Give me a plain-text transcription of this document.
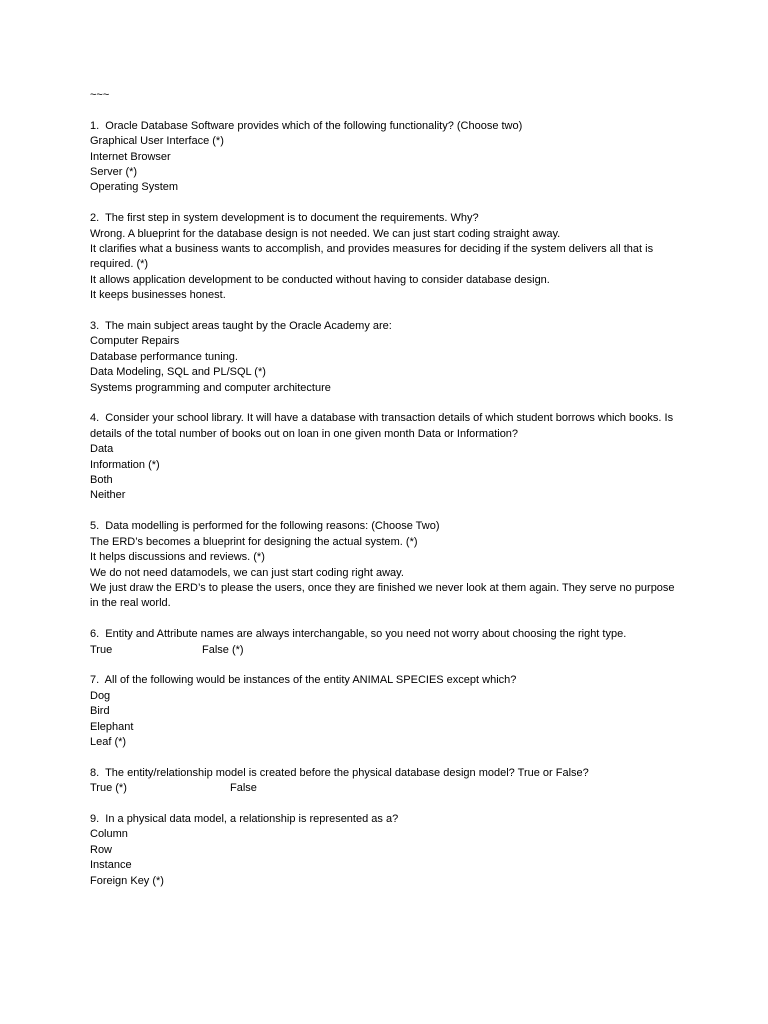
~~~
1.  Oracle Database Software provides which of the following functionality? (Choose two)
Graphical User Interface (*)
Internet Browser
Server (*)
Operating System
2.  The first step in system development is to document the requirements. Why?
Wrong. A blueprint for the database design is not needed. We can just start coding straight away.
It clarifies what a business wants to accomplish, and provides measures for deciding if the system delivers all that is required. (*)
It allows application development to be conducted without having to consider database design.
It keeps businesses honest.
3.  The main subject areas taught by the Oracle Academy are:
Computer Repairs
Database performance tuning.
Data Modeling, SQL and PL/SQL (*)
Systems programming and computer architecture
4.  Consider your school library. It will have a database with transaction details of which student borrows which books. Is details of the total number of books out on loan in one given month Data or Information?
Data
Information (*)
Both
Neither
5.  Data modelling is performed for the following reasons: (Choose Two)
The ERD’s becomes a blueprint for designing the actual system. (*)
It helps discussions and reviews. (*)
We do not need datamodels, we can just start coding right away.
We just draw the ERD’s to please the users, once they are finished we never look at them again. They serve no purpose in the real world.
6.  Entity and Attribute names are always interchangable, so you need not worry about choosing the right type.
True	False (*)
7.  All of the following would be instances of the entity ANIMAL SPECIES except which?
Dog
Bird
Elephant
Leaf (*)
8.  The entity/relationship model is created before the physical database design model? True or False?
True (*)	False
9.  In a physical data model, a relationship is represented as a?
Column
Row
Instance
Foreign Key (*)
